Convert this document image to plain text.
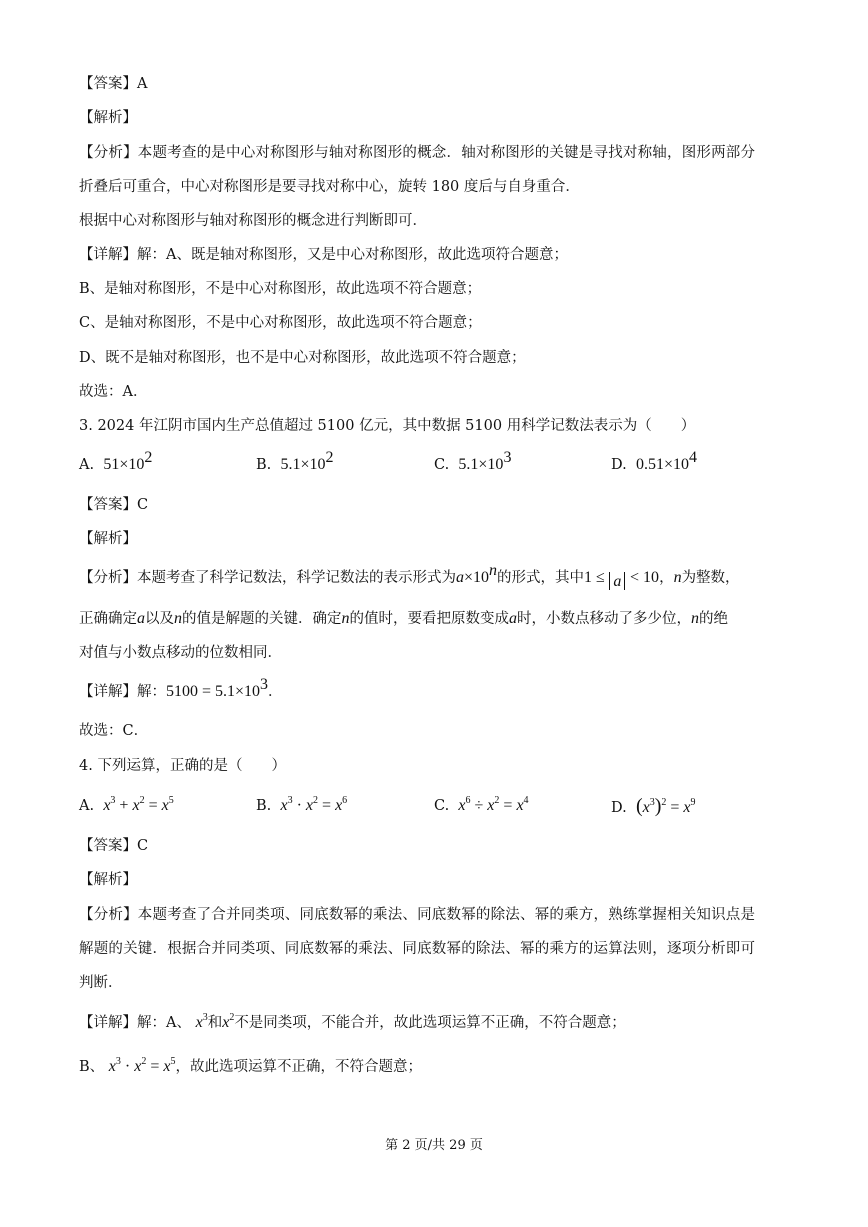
【答案】A
【解析】
【分析】本题考查的是中心对称图形与轴对称图形的概念．轴对称图形的关键是寻找对称轴，图形两部分
折叠后可重合，中心对称图形是要寻找对称中心，旋转 180 度后与自身重合．
根据中心对称图形与轴对称图形的概念进行判断即可．
【详解】解：A、既是轴对称图形，又是中心对称图形，故此选项符合题意；
B、是轴对称图形，不是中心对称图形，故此选项不符合题意；
C、是轴对称图形，不是中心对称图形，故此选项不符合题意；
D、既不是轴对称图形，也不是中心对称图形，故此选项不符合题意；
故选：A．
3. 2024 年江阴市国内生产总值超过 5100 亿元，其中数据 5100 用科学记数法表示为（　　）
A. $51\times 10^2$	B. $5.1\times 10^2$	C. $5.1\times 10^3$	D. $0.51\times 10^4$
【答案】C
【解析】
【分析】本题考查了科学记数法，科学记数法的表示形式为$a\times 10^n$的形式，其中1 ≤ a < 10，n为整数，
正确确定a以及n的值是解题的关键．确定n的值时，要看把原数变成a时，小数点移动了多少位，n的绝
对值与小数点移动的位数相同．
【详解】解：$5100 = 5.1\times 10^3$．
故选：C．
4. 下列运算，正确的是（　　）
A. $x^3 + x^2 = x^5$	B. $x^3 \cdot x^2 = x^6$	C. $x^6 \div x^2 = x^4$	D. $(x^3)^2 = x^9$
【答案】C
【解析】
【分析】本题考查了合并同类项、同底数幂的乘法、同底数幂的除法、幂的乘方，熟练掌握相关知识点是
解题的关键．根据合并同类项、同底数幂的乘法、同底数幂的除法、幂的乘方的运算法则，逐项分析即可
判断．
【详解】解：A、 $x^3$和$x^2$不是同类项，不能合并，故此选项运算不正确，不符合题意；
B、 $x^3 \cdot x^2 = x^5$，故此选项运算不正确，不符合题意；
第 2 页/共 29 页
